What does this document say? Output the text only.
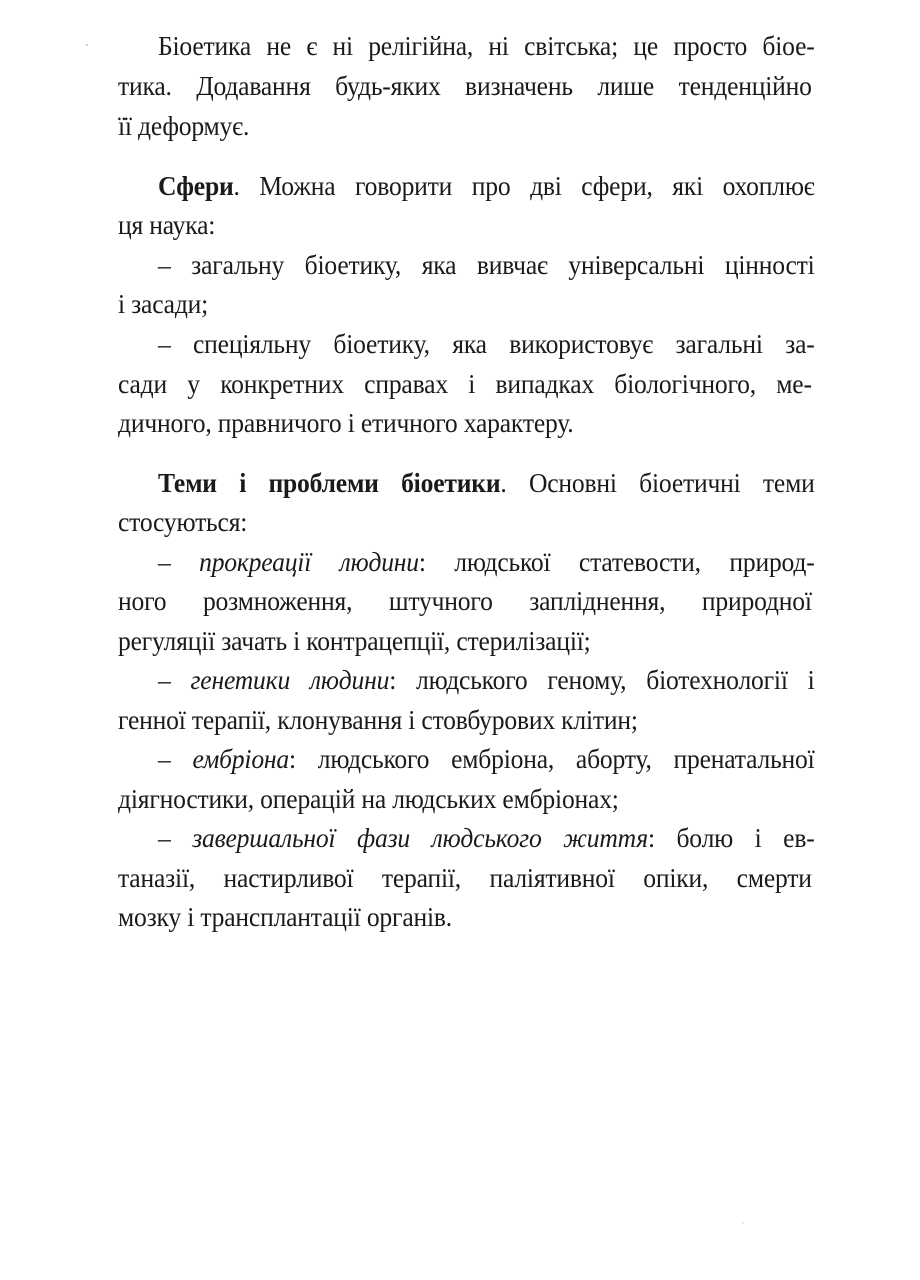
Біоетика не є ні релігійна, ні світська; це просто біое-
тика. Додавання будь-яких визначень лише тенденційно
її деформує.
Сфери. Можна говорити про дві сфери, які охоплює
ця наука:
– загальну біоетику, яка вивчає універсальні цінності
і засади;
– спеціяльну біоетику, яка використовує загальні за-
сади у конкретних справах і випадках біологічного, ме-
дичного, правничого і етичного характеру.
Теми і проблеми біоетики. Основні біоетичні теми
стосуються:
– прокреації людини: людської статевости, природ-
ного розмноження, штучного запліднення, природної
регуляції зачать і контрацепції, стерилізації;
– генетики людини: людського геному, біотехнології і
генної терапії, клонування і стовбурових клітин;
– ембріона: людського ембріона, аборту, пренатальної
діягностики, операцій на людських ембріонах;
– завершальної фази людського життя: болю і ев-
таназії, настирливої терапії, паліятивної опіки, смерти
мозку і трансплантації органів.
